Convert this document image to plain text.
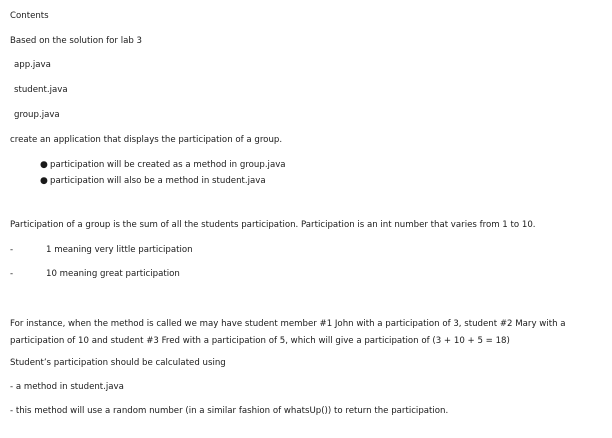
Contents
Based on the solution for lab 3
app.java
student.java
group.java
create an application that displays the participation of a group.
● participation will be created as a method in group.java
● participation will also be a method in student.java
Participation of a group is the sum of all the students participation. Participation is an int number that varies from 1 to 10.
-	1 meaning very little participation
-	10 meaning great participation
For instance, when the method is called we may have student member #1 John with a participation of 3, student #2 Mary with a participation of 10 and student #3 Fred with a participation of 5, which will give a participation of (3 + 10 + 5 = 18)
Student’s participation should be calculated using
- a method in student.java
- this method will use a random number (in a similar fashion of whatsUp()) to return the participation.
